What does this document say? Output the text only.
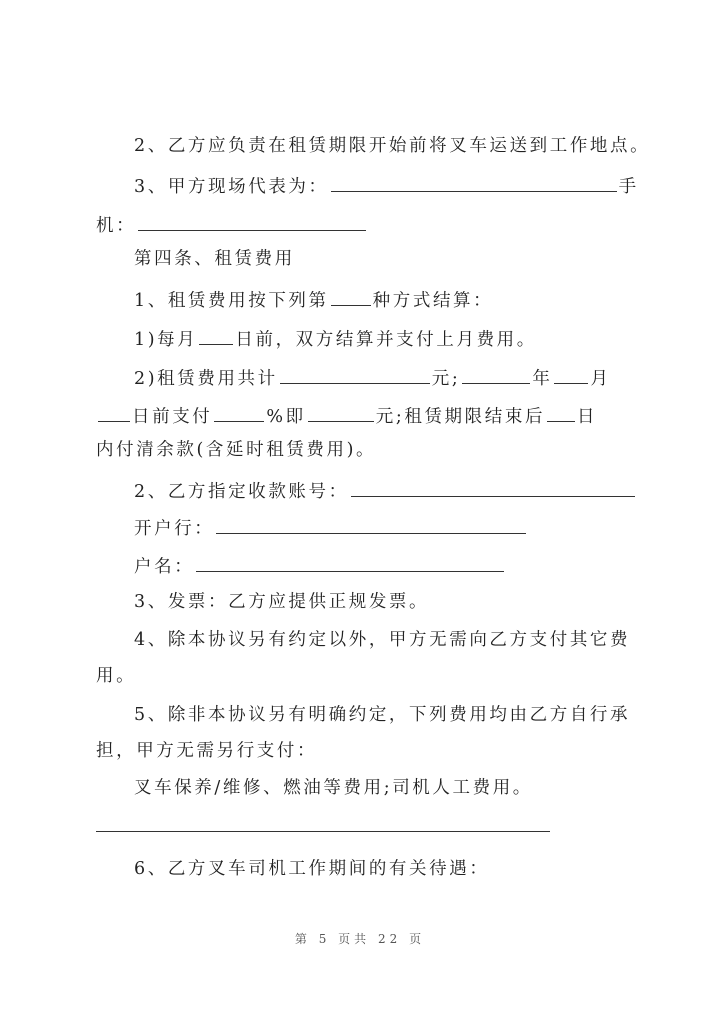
2、乙方应负责在租赁期限开始前将叉车运送到工作地点。
3、甲方现场代表为：	手
机：
第四条、租赁费用
1、租赁费用按下列第	种方式结算：
1)每月 日前，双方结算并支付上月费用。
2)租赁费用共计	元;	年 月
日前支付	%即	元;租赁期限结束后 日
内付清余款(含延时租赁费用)。
2、乙方指定收款账号：
开户行：
户名：
3、发票：乙方应提供正规发票。
4、除本协议另有约定以外，甲方无需向乙方支付其它费
用。
5、除非本协议另有明确约定，下列费用均由乙方自行承
担，甲方无需另行支付：
叉车保养/维修、燃油等费用;司机人工费用。
6、乙方叉车司机工作期间的有关待遇：
第 5 页共 22 页
